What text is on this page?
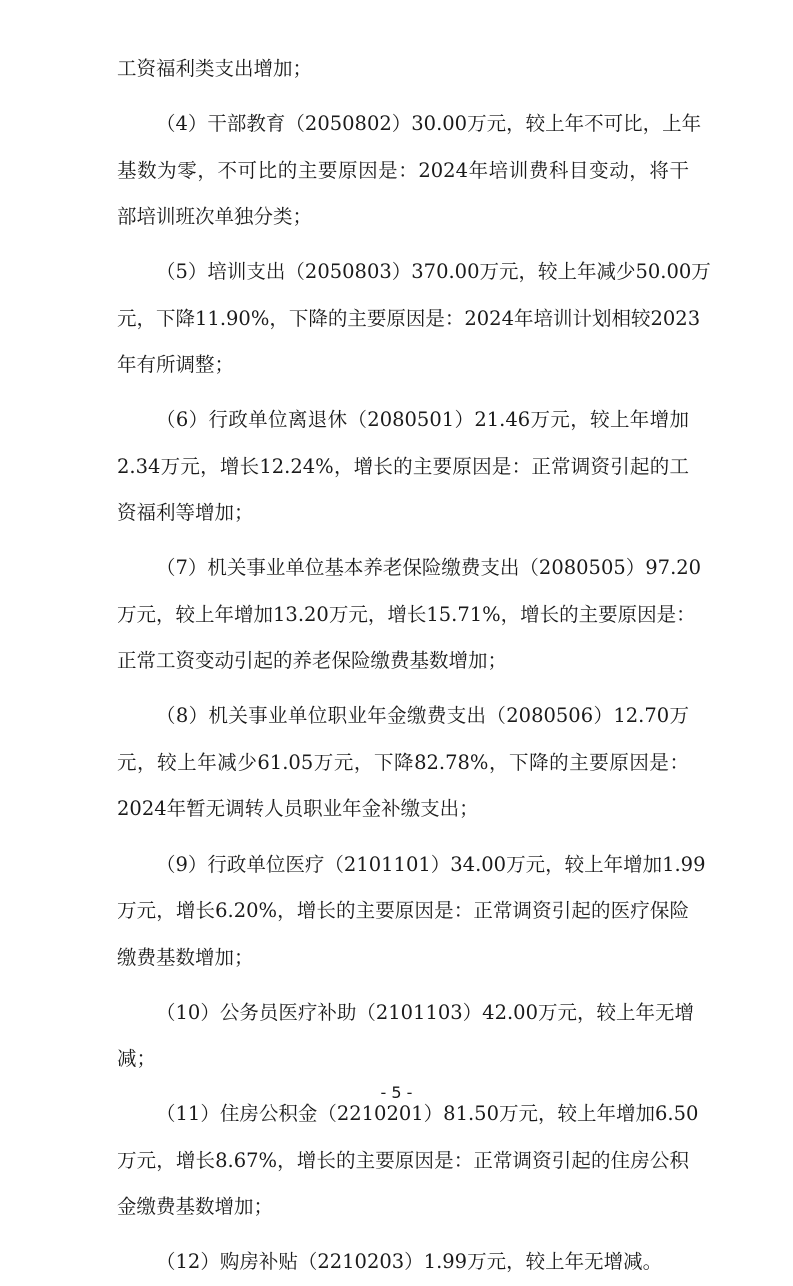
工资福利类支出增加；
（4）干部教育（2050802）30.00万元，较上年不可比，上年
基数为零，不可比的主要原因是：2024年培训费科目变动，将干
部培训班次单独分类；
（5）培训支出（2050803）370.00万元，较上年减少50.00万
元，下降11.90%，下降的主要原因是：2024年培训计划相较2023
年有所调整；
（6）行政单位离退休（2080501）21.46万元，较上年增加
2.34万元，增长12.24%，增长的主要原因是：正常调资引起的工
资福利等增加；
（7）机关事业单位基本养老保险缴费支出（2080505）97.20
万元，较上年增加13.20万元，增长15.71%，增长的主要原因是：
正常工资变动引起的养老保险缴费基数增加；
（8）机关事业单位职业年金缴费支出（2080506）12.70万
元，较上年减少61.05万元，下降82.78%，下降的主要原因是：
2024年暂无调转人员职业年金补缴支出；
（9）行政单位医疗（2101101）34.00万元，较上年增加1.99
万元，增长6.20%，增长的主要原因是：正常调资引起的医疗保险
缴费基数增加；
（10）公务员医疗补助（2101103）42.00万元，较上年无增
减；
（11）住房公积金（2210201）81.50万元，较上年增加6.50
万元，增长8.67%，增长的主要原因是：正常调资引起的住房公积
金缴费基数增加；
（12）购房补贴（2210203）1.99万元，较上年无增减。
- 5 -
